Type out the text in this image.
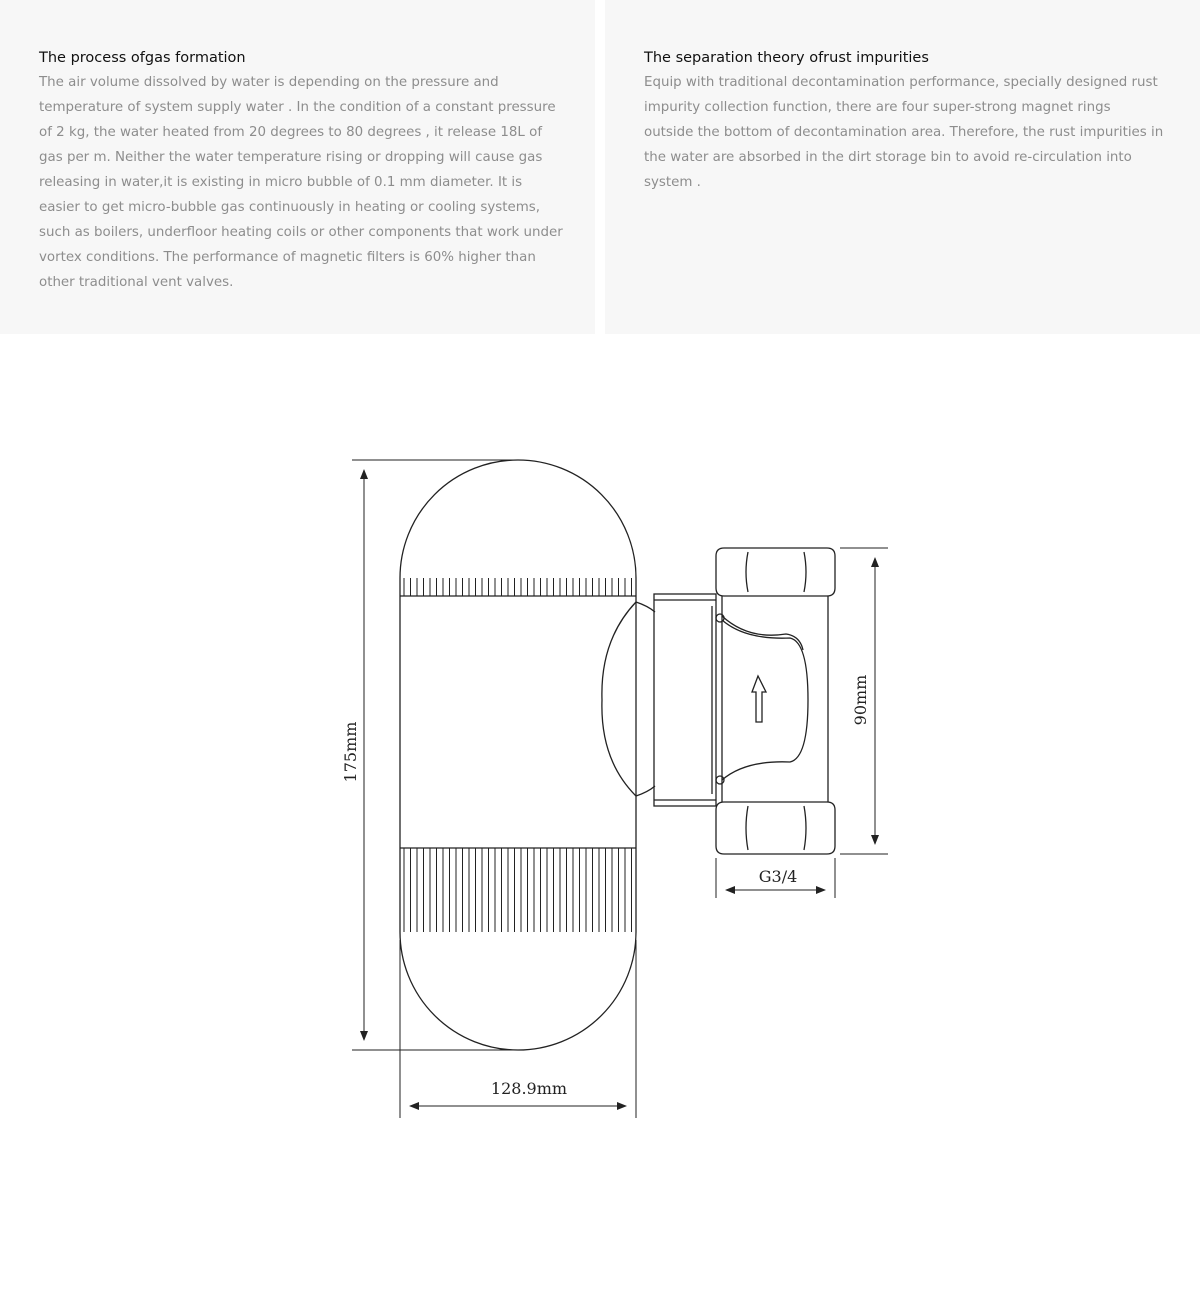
The process ofgas formation

The air volume dissolved by water is depending on the pressure and temperature of system supply water . In the condition of a constant pressure of 2 kg, the water heated from 20 degrees to 80 degrees , it release 18L of gas per m. Neither the water temperature rising or dropping will cause gas releasing in water,it is existing in micro bubble of 0.1 mm diameter. It is easier to get micro-bubble gas continuously in heating or cooling systems, such as boilers, underfloor heating coils or other components that work under vortex conditions. The performance of magnetic filters is 60% higher than other traditional vent valves.

The separation theory ofrust impurities

Equip with traditional decontamination performance, specially designed rust impurity collection function, there are four super-strong magnet rings outside the bottom of decontamination area. Therefore, the rust impurities in the water are absorbed in the dirt storage bin to avoid re-circulation into system .

175mm
128.9mm
90mm
G3/4
